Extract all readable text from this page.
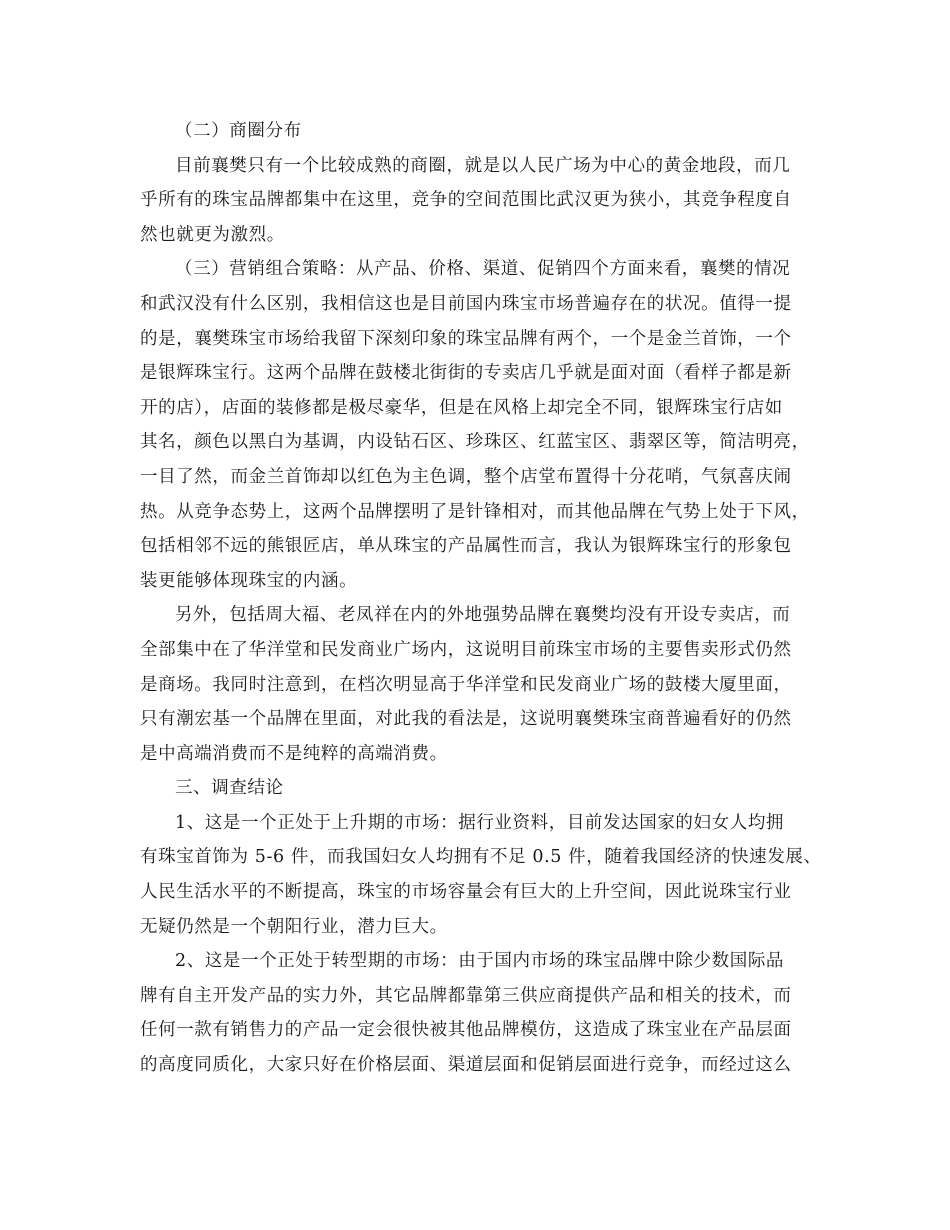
（二）商圈分布
目前襄樊只有一个比较成熟的商圈，就是以人民广场为中心的黄金地段，而几
乎所有的珠宝品牌都集中在这里，竞争的空间范围比武汉更为狭小，其竞争程度自
然也就更为激烈。
（三）营销组合策略：从产品、价格、渠道、促销四个方面来看，襄樊的情况
和武汉没有什么区别，我相信这也是目前国内珠宝市场普遍存在的状况。值得一提
的是，襄樊珠宝市场给我留下深刻印象的珠宝品牌有两个，一个是金兰首饰，一个
是银辉珠宝行。这两个品牌在鼓楼北街街的专卖店几乎就是面对面（看样子都是新
开的店），店面的装修都是极尽豪华，但是在风格上却完全不同，银辉珠宝行店如
其名，颜色以黑白为基调，内设钻石区、珍珠区、红蓝宝区、翡翠区等，简洁明亮，
一目了然，而金兰首饰却以红色为主色调，整个店堂布置得十分花哨，气氛喜庆闹
热。从竞争态势上，这两个品牌摆明了是针锋相对，而其他品牌在气势上处于下风，
包括相邻不远的熊银匠店，单从珠宝的产品属性而言，我认为银辉珠宝行的形象包
装更能够体现珠宝的内涵。
另外，包括周大福、老凤祥在内的外地强势品牌在襄樊均没有开设专卖店，而
全部集中在了华洋堂和民发商业广场内，这说明目前珠宝市场的主要售卖形式仍然
是商场。我同时注意到，在档次明显高于华洋堂和民发商业广场的鼓楼大厦里面，
只有潮宏基一个品牌在里面，对此我的看法是，这说明襄樊珠宝商普遍看好的仍然
是中高端消费而不是纯粹的高端消费。
三、调查结论
1、这是一个正处于上升期的市场：据行业资料，目前发达国家的妇女人均拥
有珠宝首饰为 5-6 件，而我国妇女人均拥有不足 0.5 件，随着我国经济的快速发展、
人民生活水平的不断提高，珠宝的市场容量会有巨大的上升空间，因此说珠宝行业
无疑仍然是一个朝阳行业，潜力巨大。
2、这是一个正处于转型期的市场：由于国内市场的珠宝品牌中除少数国际品
牌有自主开发产品的实力外，其它品牌都靠第三供应商提供产品和相关的技术，而
任何一款有销售力的产品一定会很快被其他品牌模仿，这造成了珠宝业在产品层面
的高度同质化，大家只好在价格层面、渠道层面和促销层面进行竞争，而经过这么
